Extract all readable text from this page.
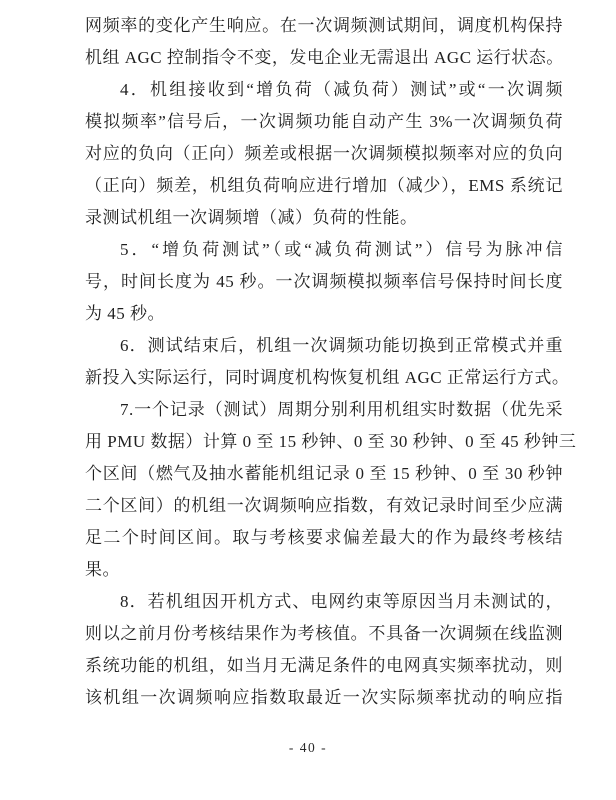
网频率的变化产生响应。在一次调频测试期间，调度机构保持
机组 AGC 控制指令不变，发电企业无需退出 AGC 运行状态。
4．机组接收到“增负荷（减负荷）测试”或“一次调频
模拟频率”信号后，一次调频功能自动产生 3%一次调频负荷
对应的负向（正向）频差或根据一次调频模拟频率对应的负向
（正向）频差，机组负荷响应进行增加（减少），EMS 系统记
录测试机组一次调频增（减）负荷的性能。
5．“增负荷测试”（或“减负荷测试”）信号为脉冲信
号，时间长度为 45 秒。一次调频模拟频率信号保持时间长度
为 45 秒。
6．测试结束后，机组一次调频功能切换到正常模式并重
新投入实际运行，同时调度机构恢复机组 AGC 正常运行方式。
7.一个记录（测试）周期分别利用机组实时数据（优先采
用 PMU 数据）计算 0 至 15 秒钟、0 至 30 秒钟、0 至 45 秒钟三
个区间（燃气及抽水蓄能机组记录 0 至 15 秒钟、0 至 30 秒钟
二个区间）的机组一次调频响应指数，有效记录时间至少应满
足二个时间区间。取与考核要求偏差最大的作为最终考核结
果。
8．若机组因开机方式、电网约束等原因当月未测试的，
则以之前月份考核结果作为考核值。不具备一次调频在线监测
系统功能的机组，如当月无满足条件的电网真实频率扰动，则
该机组一次调频响应指数取最近一次实际频率扰动的响应指
- 40 -
